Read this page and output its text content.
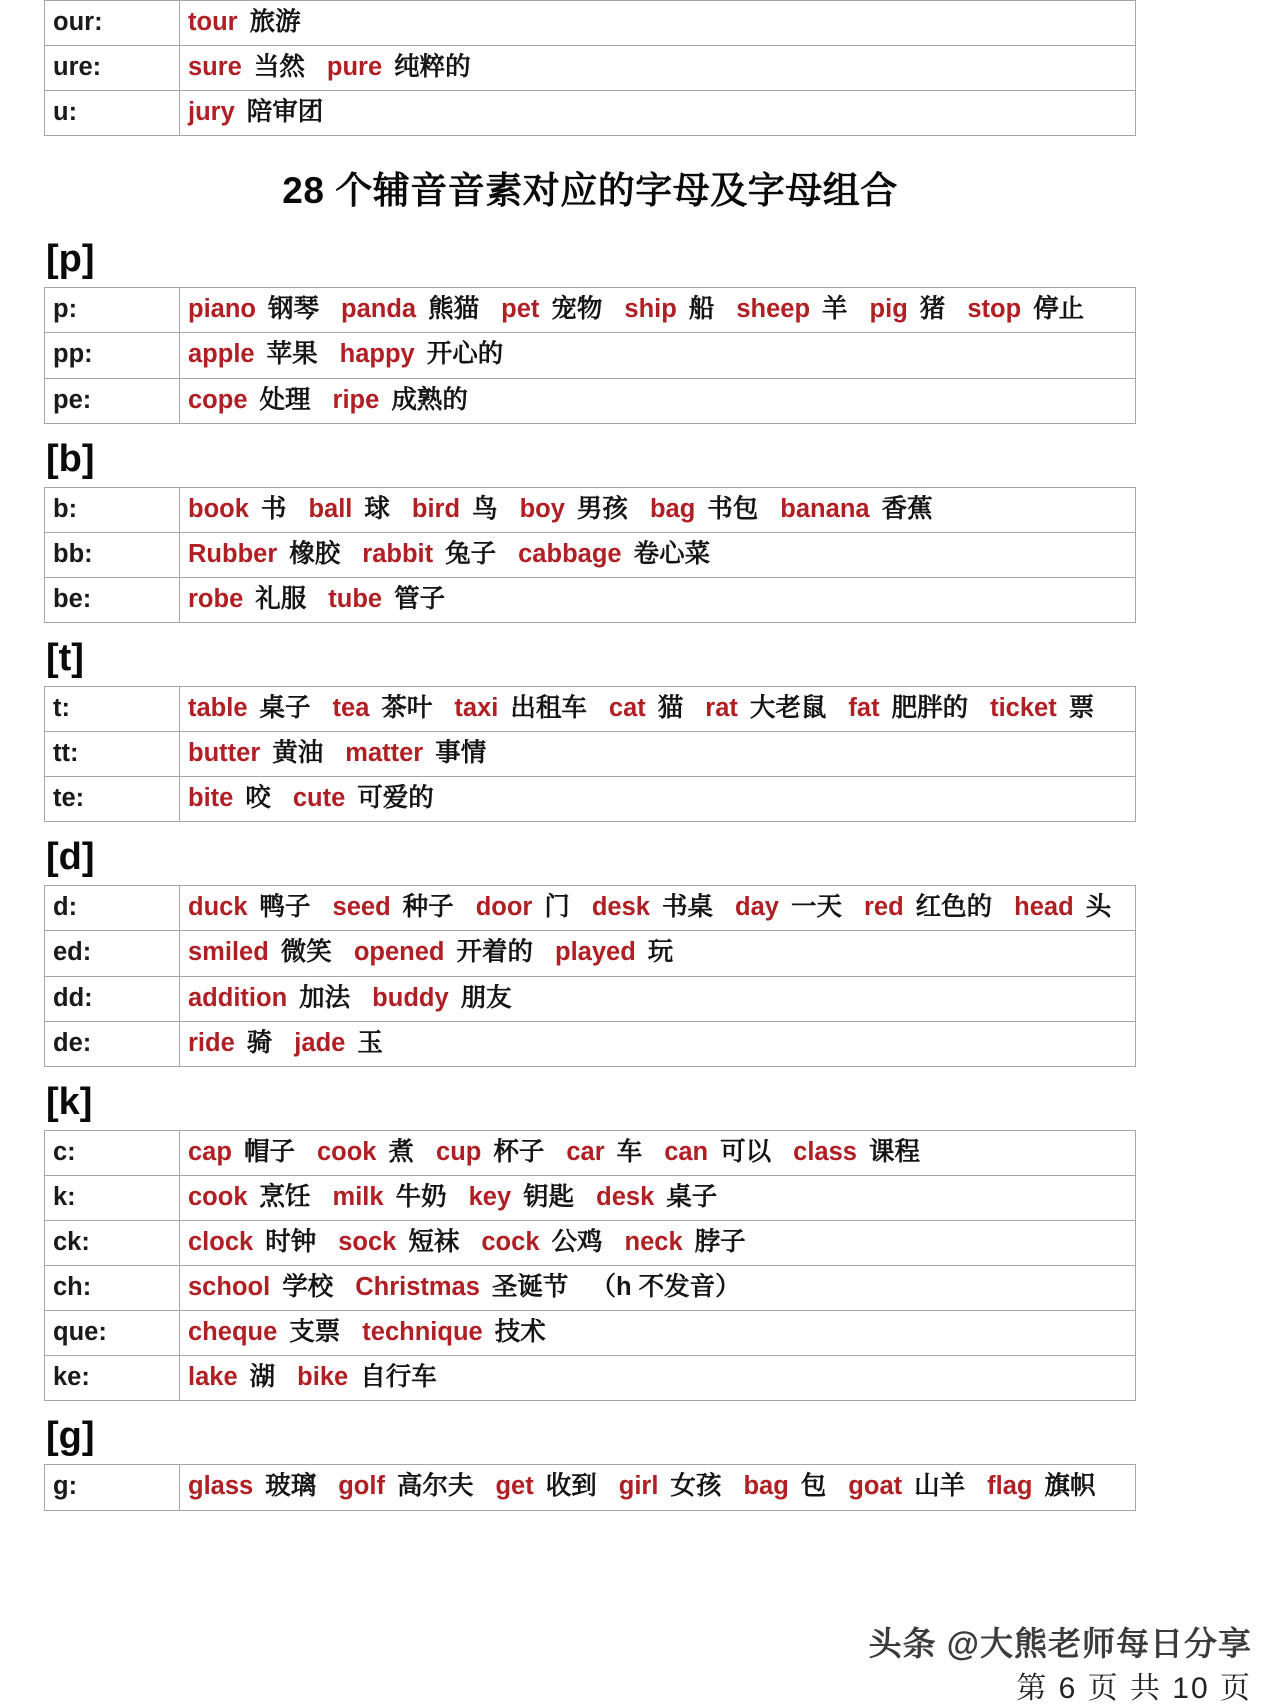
our:	tour 旅游
ure:	sure 当然 pure 纯粹的
u:	jury 陪审团
28 个辅音音素对应的字母及字母组合
[p]
p:	piano 钢琴 panda 熊猫 pet 宠物 ship 船 sheep 羊 pig 猪 stop 停止
pp:	apple 苹果 happy 开心的
pe:	cope 处理 ripe 成熟的
[b]
b:	book 书 ball 球 bird 鸟 boy 男孩 bag 书包 banana 香蕉
bb:	Rubber 橡胶 rabbit 兔子 cabbage 卷心菜
be:	robe 礼服 tube 管子
[t]
t:	table 桌子 tea 茶叶 taxi 出租车 cat 猫 rat 大老鼠 fat 肥胖的 ticket 票
tt:	butter 黄油 matter 事情
te:	bite 咬 cute 可爱的
[d]
d:	duck 鸭子 seed 种子 door 门 desk 书桌 day 一天 red 红色的 head 头
ed:	smiled 微笑 opened 开着的 played 玩
dd:	addition 加法 buddy 朋友
de:	ride 骑 jade 玉
[k]
c:	cap 帽子 cook 煮 cup 杯子 car 车 can 可以 class 课程
k:	cook 烹饪 milk 牛奶 key 钥匙 desk 桌子
ck:	clock 时钟 sock 短袜 cock 公鸡 neck 脖子
ch:	school 学校 Christmas 圣诞节 （h 不发音）
que:	cheque 支票 technique 技术
ke:	lake 湖 bike 自行车
[g]
g:	glass 玻璃 golf 高尔夫 get 收到 girl 女孩 bag 包 goat 山羊 flag 旗帜
头条 @大熊老师每日分享
第 6 页 共 10 页
